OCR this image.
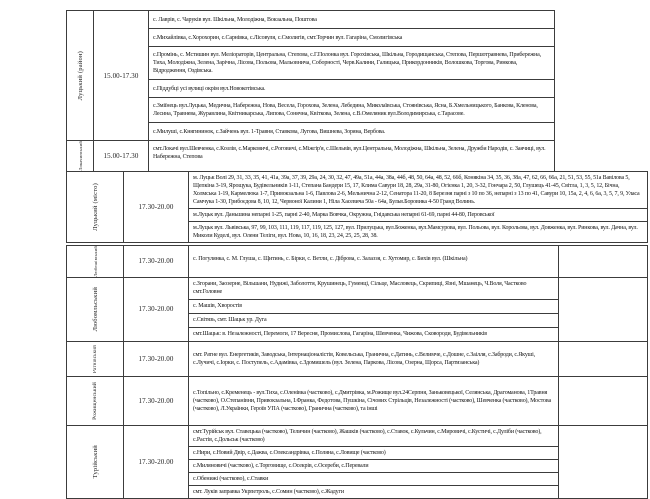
Луцький (район)	15.00-17.30
с. Лаврів, с. Чаруків вул. Шкільна, Молодіжна, Вокзальна, Поштова
с.Михайлівка, с.Хорохорин, с.Сарнівка, с.Лісовуля, с.Смолигів, смт.Торчин вул. Гагаріна, Смолигівська
с.Промінь, с. Мстишин вул. Меліораторів, Центральна, Степова, с.Г.Полонка вул. Горохівська, Шкільна, Городищанська, Степова, Першотравнева, Прибережна, Тиха, Молодіжна, Зелена, Зарічна, Лісова, Польова, Мальовнича, Соборності, Черв.Калини, Галицька, Прикордонників, Волошкова, Торгова, Ринкова, Відродження, Оздівська.
с.Піддубці усі вулиці окрім вул.Новокотівська.
с.Зміїнець вул.Луцька, Медична, Набережна, Нова, Весела, Горохова, Зелена, Лебедина, Миколаївська, Стоянівська, Ясна, Б.Хмельницького, Банкова, Кленова, Лесина, Травнева, Журавлина, Квітникарська, Липова, Сонячна, Квіткова, Зелена, с.В.Омеляник вул.Володимирська, с.Тарасове.
с.Милуші, с.Княгининок, с.Зайчень вул. 1-Травня, Ставкова, Лугова, Вишнева, Зоряна, Вербова.
Локачинський	15.00-17.30
смт.Локачі вул.Шевченка, с.Козлів, с.Марковичі, с.Роговичі, с.Міжгір'я, с.Шельвів, вул.Центральна, Молодіжна, Шкільна, Зелена, Дружби Народів, с. Заячиці, вул. Набережна, Степова
Луцький (місто)	17.30-20.00
м. Луцьк Волі 29, 31, 33, 35, 41, 41а, 39а, 37, 39, 29а, 24, 30, 32, 47, 49а, 51а, 44а, 38а, 44б, 48, 50, 64а, 48, 52, 66б, Конякіна 34, 35, 36, 38а, 47, 62, 66, 66а, 21, 51, 53, 55, 51а Вавілова 5, Щепкіна 3-19, Ярощука, Будівельників 1-11, Степана Бандери 15, 17, Клима Савури 18, 28, 29а, 31-80, Огієнка 1, 20, 3-32, Гончара 2, 50, Глушець 41-45, Світла, 1, 3, 5, 12, Бічна, Холмська 1-19, Кармелюка 1-7, Привокзальна 1-6, Павлова 2-6, Мельнична 2-12, Сенатора 11-20, 8 Березня парні з 10 по 36, непарні з 13 по 41, Савури 10, 15а, 2, 4, 6, 6а, 3, 5, 7, 9, Уласа Самчука 1-30, Грибоєдова 8, 10, 12, Червоної Калини 1, Ніла Хасевича 50а - 64а, Бульв.Боровика 4-50 Гранд Волинь.
м.Луцьк вул. Даньшина непарні 1-25, парні 2-40, Марка Вовчка, Окружна, Гнідавська непарні 61-69, парні 44-80, Перовської
м.Луцьк вул. Львівська, 97, 99, 103, 111, 119, 117, 119, 125, 127, вул. Прилуцька, вул.Боженка, вул.Мамсурова, вул. Польова, вул. Корольова, вул. Довженка, вул. Ринкова, вул. Дачна, вул. Миколи Куделі, вул. Олени Теліги, вул. Нова, 10, 16, 18, 23, 24, 25, 25, 28, 38.
Любешівський	17.30-20.00	с. Погулянка, с. М. Глуша, с. Щитинь, с. Бірки, с. Ветли, с. Діброва, с. Залаззя, с. Хутомир, с. Бихів вул. (Шкільна)
Любомльський	17.30-20.00
с.Згорани, Заозерне, Вільшани, Нудижі, Заболоття, Крушинець, Гуменці, Сільце, Масловець, Скрипиці, Язні, Мшанець, Ч.Воля, Частково смт.Головне
с. Машів, Хворостів
с.Світязь, смт. Шацьк ур. Дуга
смт.Шацьк: в. Незалежності, Перемоги, 17 Вересня, Промислова, Гагаріна, Шевченка, Чижова, Сковороди, Будівельників
Ратнівський	17.30-20.00	смт. Ратне вул. Енергетиків, Заводська, Інтернаціоналістів, Ковельська, Гранична, с.Датинь, с.Велимче, с.Дошне, с.Заілля, с.Заброди, с.Якуші, с.Лучичі, с.Іорки, с. Поступель, с.Адамівка, с.Здомишель (вул. Зелена, Паркова, Лісова, Озерна, Щорса, Партизанська)
Рожищенський	17.30-20.00
с.Топільно, с.Кременець - вул.Тиха, с.Оленівка (частково), с.Дмитрівка, м.Рожище вул.24Серпня, Заньковецької, Селянська, Драгоманова, 1Травня (частково), О.Степанівни, Привокзальна, І.Франка, Федотова, Пушкіна, Січових Стрільців, Незалежності (частково), Шевченка (частково), Мостова (частково), Л.Українки, Героїв УПА (частково), Гранична (частково), та інші
Турійський	17.30-20.00
смт.Турійськ вул. Ставецька (частково), Теличин (частково), Жашків (частково), с.Ставок, с.Кульчин, с.Мировичі, с.Кустичі, с.Дуліби (частково), с.Растів, с.Дольськ (частково)
с.Нири, с.Новий Двір, с.Дажва, с.Олександрівка, с.Поляна, с.Ловище (частково)
с.Миляновичі (частково), с.Торговище, с.Осекрів, с.Осереби, с.Перевали
с.Обенижі (частково), с.Ставки
смт. Луків заправка Укрпетроль, с.Сомин (частково), с.Жадуги
